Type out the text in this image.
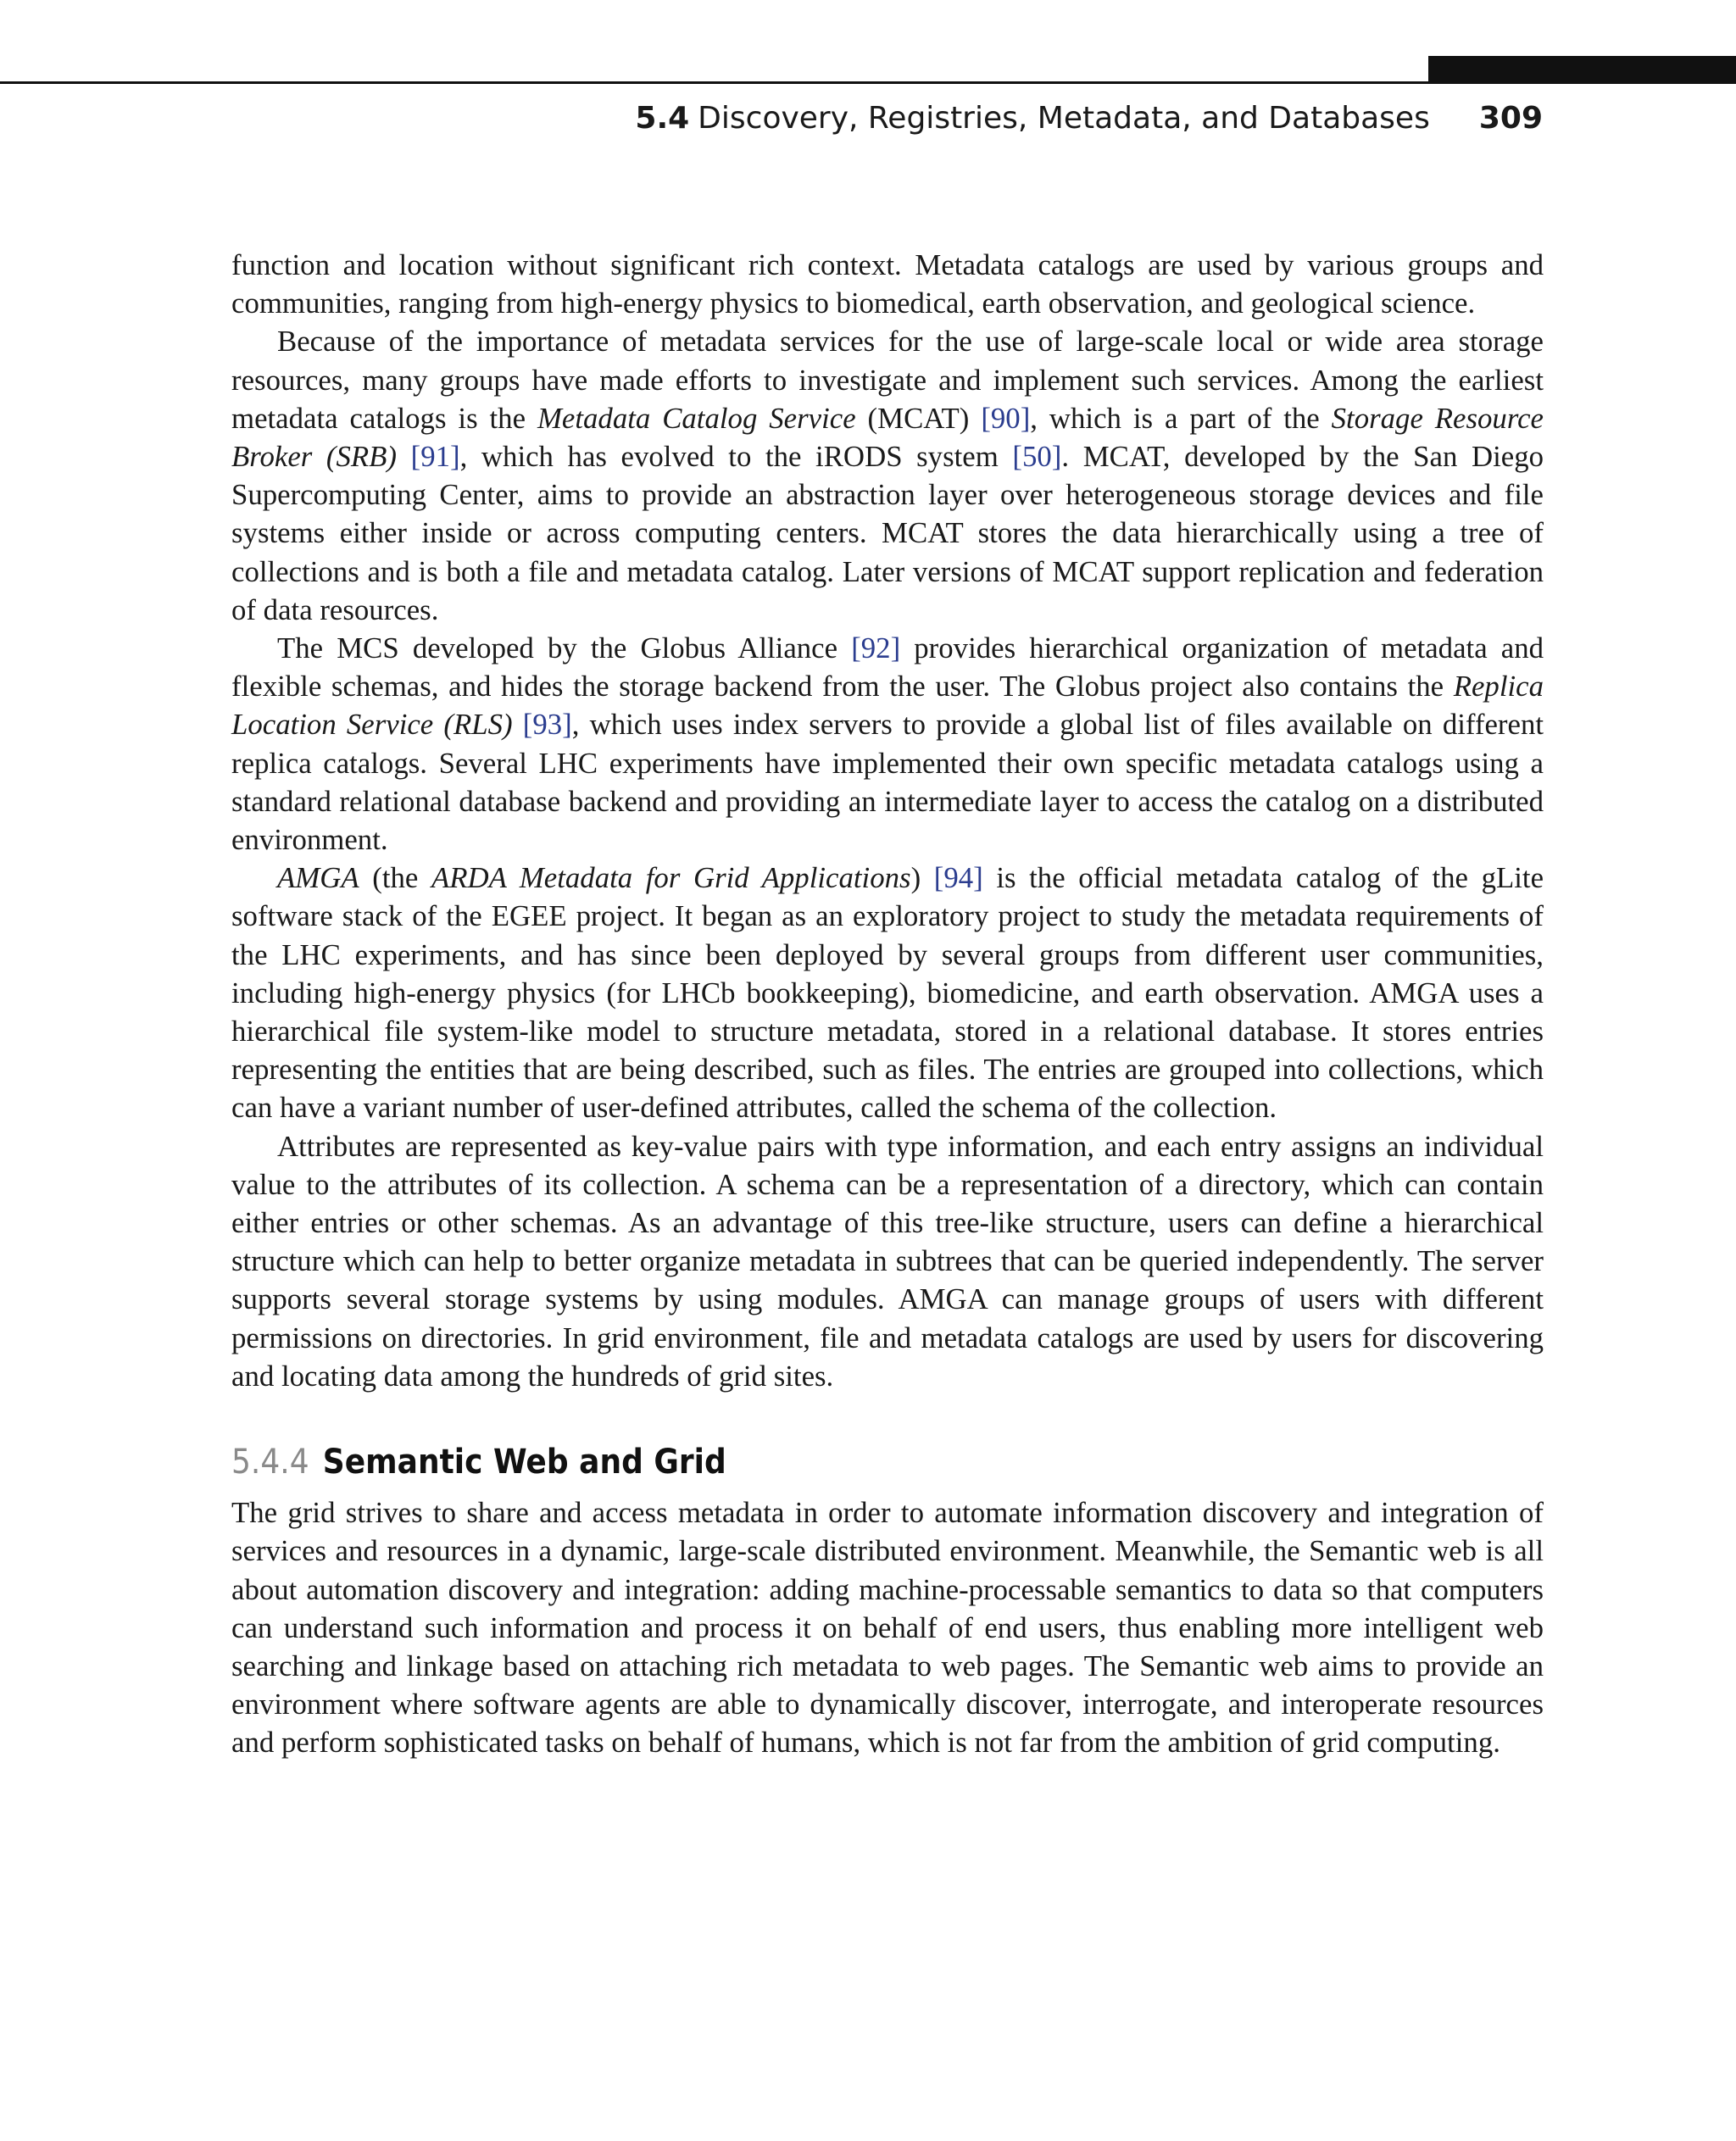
5.4 Discovery, Registries, Metadata, and Databases 309

function and location without significant rich context. Metadata catalogs are used by various groups and communities, ranging from high-energy physics to biomedical, earth observation, and geological science.

Because of the importance of metadata services for the use of large-scale local or wide area storage resources, many groups have made efforts to investigate and implement such services. Among the earliest metadata catalogs is the Metadata Catalog Service (MCAT) [90], which is a part of the Storage Resource Broker (SRB) [91], which has evolved to the iRODS system [50]. MCAT, developed by the San Diego Supercomputing Center, aims to provide an abstraction layer over heterogeneous storage devices and file systems either inside or across computing centers. MCAT stores the data hierarchically using a tree of collections and is both a file and metadata catalog. Later versions of MCAT support replication and federation of data resources.

The MCS developed by the Globus Alliance [92] provides hierarchical organization of metadata and flexible schemas, and hides the storage backend from the user. The Globus project also contains the Replica Location Service (RLS) [93], which uses index servers to provide a global list of files available on different replica catalogs. Several LHC experiments have implemented their own specific metadata catalogs using a standard relational database backend and providing an intermediate layer to access the catalog on a distributed environment.

AMGA (the ARDA Metadata for Grid Applications) [94] is the official metadata catalog of the gLite software stack of the EGEE project. It began as an exploratory project to study the metadata requirements of the LHC experiments, and has since been deployed by several groups from different user communities, including high-energy physics (for LHCb bookkeeping), biomedicine, and earth observation. AMGA uses a hierarchical file system-like model to structure metadata, stored in a relational database. It stores entries representing the entities that are being described, such as files. The entries are grouped into collections, which can have a variant number of user-defined attributes, called the schema of the collection.

Attributes are represented as key-value pairs with type information, and each entry assigns an individual value to the attributes of its collection. A schema can be a representation of a directory, which can contain either entries or other schemas. As an advantage of this tree-like structure, users can define a hierarchical structure which can help to better organize metadata in subtrees that can be queried independently. The server supports several storage systems by using modules. AMGA can manage groups of users with different permissions on directories. In grid environment, file and metadata catalogs are used by users for discovering and locating data among the hundreds of grid sites.

5.4.4 Semantic Web and Grid

The grid strives to share and access metadata in order to automate information discovery and integration of services and resources in a dynamic, large-scale distributed environment. Meanwhile, the Semantic web is all about automation discovery and integration: adding machine-processable semantics to data so that computers can understand such information and process it on behalf of end users, thus enabling more intelligent web searching and linkage based on attaching rich metadata to web pages. The Semantic web aims to provide an environment where software agents are able to dynamically discover, interrogate, and interoperate resources and perform sophisticated tasks on behalf of humans, which is not far from the ambition of grid computing.
